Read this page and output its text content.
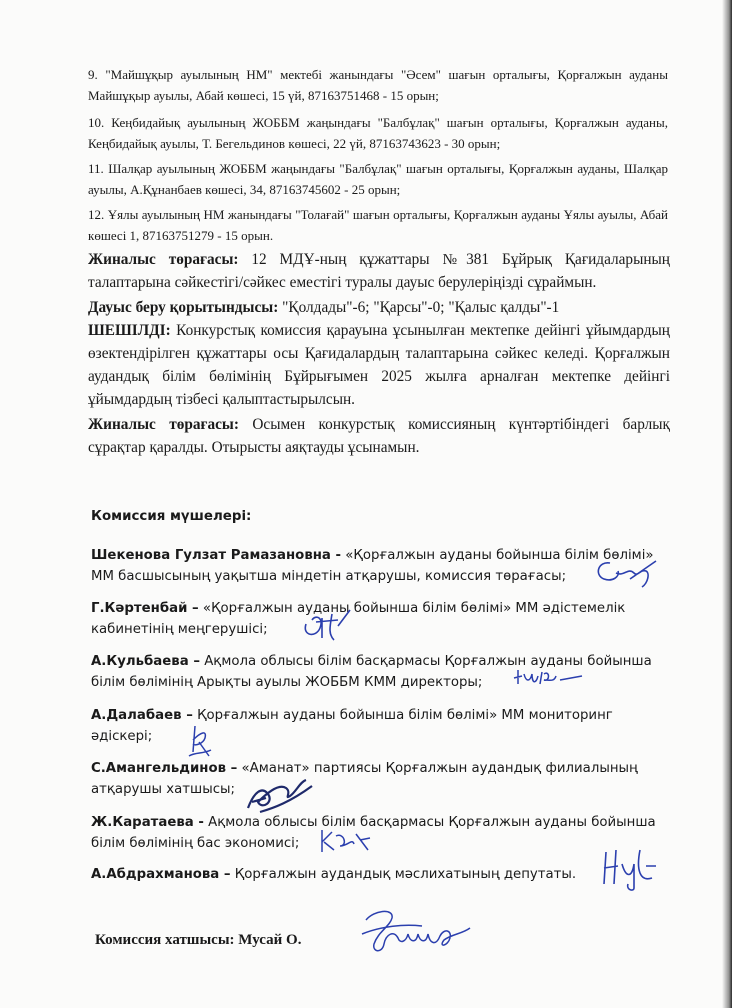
9. "Майшұқыр ауылының НМ" мектебі жанындағы "Әсем" шағын орталығы, Қорғалжын ауданы Майшұқыр ауылы, Абай көшесі, 15 үй, 87163751468 - 15 орын;
10. Кеңбидайық ауылының ЖОББМ жаңындағы "Балбұлақ" шағын орталығы, Қорғалжын ауданы, Кеңбидайық ауылы, Т. Бегельдинов көшесі, 22 үй, 87163743623 - 30 орын;
11. Шалқар ауылының ЖОББМ жаңындағы "Балбұлақ" шағын орталығы, Қорғалжын ауданы, Шалқар ауылы, А.Құнанбаев көшесі, 34, 87163745602 - 25 орын;
12. Ұялы ауылының НМ жанындағы "Толағай" шағын орталығы, Қорғалжын ауданы Ұялы ауылы, Абай көшесі 1, 87163751279 - 15 орын.
Жиналыс төрағасы: 12 МДҰ-ның құжаттары №381 Бұйрық Қағидаларының талаптарына сәйкестігі/сәйкес еместігі туралы дауыс берулеріңізді сұраймын.
Дауыс беру қорытындысы: "Қолдады"-6; "Қарсы"-0; "Қалыс қалды"-1
ШЕШІЛДІ: Конкурстық комиссия қарауына ұсынылған мектепке дейінгі ұйымдардың өзектендірілген құжаттары осы Қағидалардың талаптарына сәйкес келеді. Қорғалжын аудандық білім бөлімінің Бұйрығымен 2025 жылға арналған мектепке дейінгі ұйымдардың тізбесі қалыптастырылсын.
Жиналыс төрағасы: Осымен конкурстық комиссияның күнтәртібіндегі барлық сұрақтар қаралды. Отырысты аяқтауды ұсынамын.
Комиссия мүшелері:
Шекенова Гулзат Рамазановна - «Қорғалжын ауданы бойынша білім бөлімі» ММ басшысының уақытша міндетін атқарушы, комиссия төрағасы;
Г.Кәртенбай – «Қорғалжын ауданы бойынша білім бөлімі» ММ әдістемелік кабинетінің меңгерушісі;
А.Кульбаева – Ақмола облысы білім басқармасы Қорғалжын ауданы бойынша білім бөлімінің Арықты ауылы ЖОББМ КММ директоры;
А.Далабаев – Қорғалжын ауданы бойынша білім бөлімі» ММ мониторинг әдіскері;
С.Амангельдинов – «Аманат» партиясы Қорғалжын аудандық филиалының атқарушы хатшысы;
Ж.Каратаева - Ақмола облысы білім басқармасы Қорғалжын ауданы бойынша білім бөлімінің бас экономисі;
А.Абдрахманова – Қорғалжын аудандық мәслихатының депутаты.
Комиссия хатшысы: Мусай О.
